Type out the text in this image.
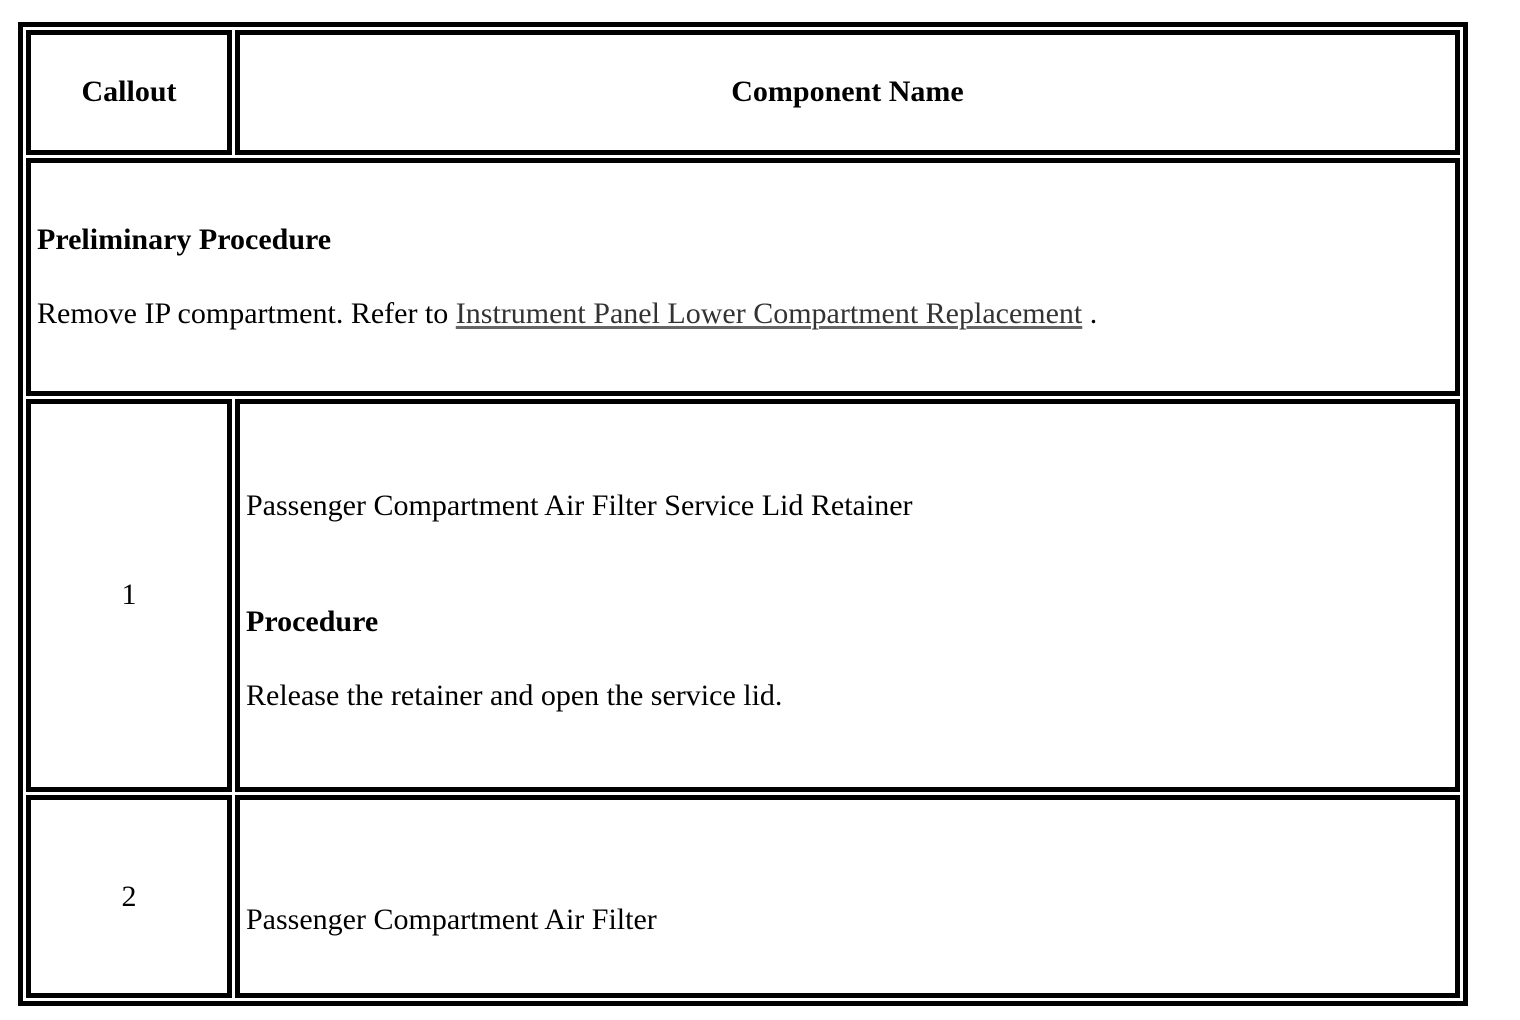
Callout	Component Name

Preliminary Procedure

Remove IP compartment. Refer to Instrument Panel Lower Compartment Replacement .	

1	Passenger Compartment Air Filter Service Lid Retainer

Procedure

Release the retainer and open the service lid.

2	Passenger Compartment Air Filter
